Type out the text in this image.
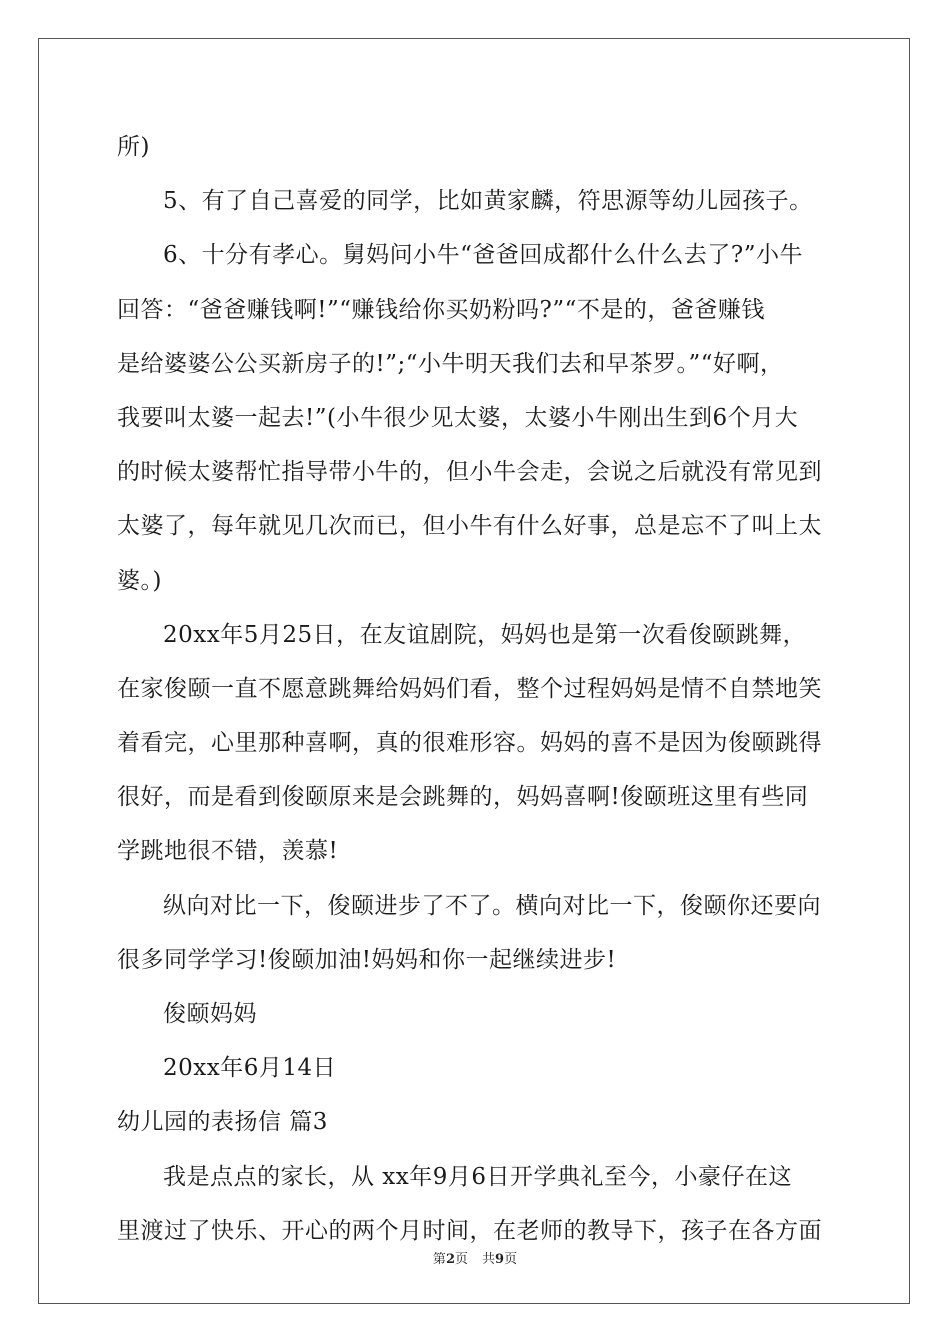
所)
5、有了自己喜爱的同学，比如黄家麟，符思源等幼儿园孩子。
6、十分有孝心。舅妈问小牛“爸爸回成都什么什么去了?”小牛
回答：“爸爸赚钱啊!”“赚钱给你买奶粉吗?”“不是的，爸爸赚钱
是给婆婆公公买新房子的!”;“小牛明天我们去和早茶罗。”“好啊，
我要叫太婆一起去!”(小牛很少见太婆，太婆小牛刚出生到6个月大
的时候太婆帮忙指导带小牛的，但小牛会走，会说之后就没有常见到
太婆了，每年就见几次而已，但小牛有什么好事，总是忘不了叫上太
婆。)
20xx年5月25日，在友谊剧院，妈妈也是第一次看俊颐跳舞，
在家俊颐一直不愿意跳舞给妈妈们看，整个过程妈妈是情不自禁地笑
着看完，心里那种喜啊，真的很难形容。妈妈的喜不是因为俊颐跳得
很好，而是看到俊颐原来是会跳舞的，妈妈喜啊!俊颐班这里有些同
学跳地很不错，羡慕!
纵向对比一下，俊颐进步了不了。横向对比一下，俊颐你还要向
很多同学学习!俊颐加油!妈妈和你一起继续进步!
俊颐妈妈
20xx年6月14日
幼儿园的表扬信 篇3
我是点点的家长，从 xx年9月6日开学典礼至今，小豪仔在这
里渡过了快乐、开心的两个月时间，在老师的教导下，孩子在各方面
第2页 共9页
